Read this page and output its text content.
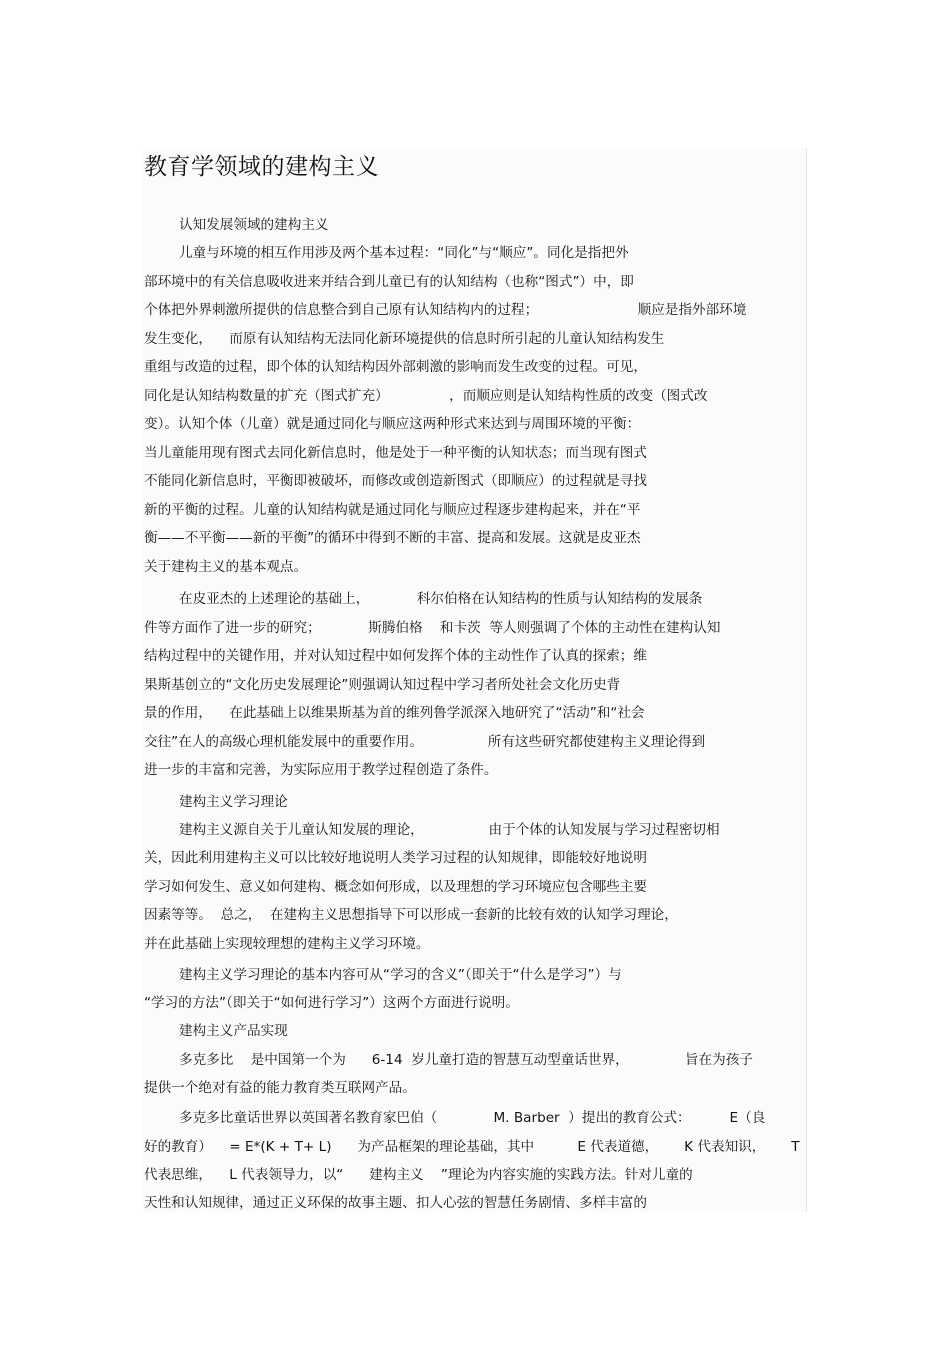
教育学领域的建构主义
认知发展领域的建构主义
儿童与环境的相互作用涉及两个基本过程：“同化”与“顺应”。同化是指把外
部环境中的有关信息吸收进来并结合到儿童已有的认知结构（也称“图式”）中，即
个体把外界刺激所提供的信息整合到自己原有认知结构内的过程；                       顺应是指外部环境
发生变化，    而原有认知结构无法同化新环境提供的信息时所引起的儿童认知结构发生
重组与改造的过程，即个体的认知结构因外部刺激的影响而发生改变的过程。可见，
同化是认知结构数量的扩充（图式扩充）              ，而顺应则是认知结构性质的改变（图式改
变）。认知个体（儿童）就是通过同化与顺应这两种形式来达到与周围环境的平衡：
当儿童能用现有图式去同化新信息时，他是处于一种平衡的认知状态；而当现有图式
不能同化新信息时，平衡即被破坏，而修改或创造新图式（即顺应）的过程就是寻找
新的平衡的过程。儿童的认知结构就是通过同化与顺应过程逐步建构起来，并在“平
衡——不平衡——新的平衡”的循环中得到不断的丰富、提高和发展。这就是皮亚杰
关于建构主义的基本观点。
在皮亚杰的上述理论的基础上，           科尔伯格在认知结构的性质与认知结构的发展条
件等方面作了进一步的研究；           斯腾伯格    和卡茨  等人则强调了个体的主动性在建构认知
结构过程中的关键作用，并对认知过程中如何发挥个体的主动性作了认真的探索；维
果斯基创立的“文化历史发展理论”则强调认知过程中学习者所处社会文化历史背
景的作用，    在此基础上以维果斯基为首的维列鲁学派深入地研究了“活动”和“社会
交往”在人的高级心理机能发展中的重要作用。               所有这些研究都使建构主义理论得到
进一步的丰富和完善，为实际应用于教学过程创造了条件。
建构主义学习理论
建构主义源自关于儿童认知发展的理论，               由于个体的认知发展与学习过程密切相
关，因此利用建构主义可以比较好地说明人类学习过程的认知规律，即能较好地说明
学习如何发生、意义如何建构、概念如何形成，以及理想的学习环境应包含哪些主要
因素等等。  总之，  在建构主义思想指导下可以形成一套新的比较有效的认知学习理论，
并在此基础上实现较理想的建构主义学习环境。
建构主义学习理论的基本内容可从“学习的含义”（即关于“什么是学习”）与
“学习的方法”（即关于“如何进行学习”）这两个方面进行说明。
建构主义产品实现
多克多比    是中国第一个为      6-14  岁儿童打造的智慧互动型童话世界，             旨在为孩子
提供一个绝对有益的能力教育类互联网产品。
多克多比童话世界以英国著名教育家巴伯（             M. Barber  ）提出的教育公式：         E（良
好的教育）    = E*(K + T+ L)      为产品框架的理论基础，其中          E 代表道德，      K 代表知识，      T
代表思维，    L 代表领导力，以“      建构主义    ”理论为内容实施的实践方法。针对儿童的
天性和认知规律，通过正义环保的故事主题、扣人心弦的智慧任务剧情、多样丰富的
